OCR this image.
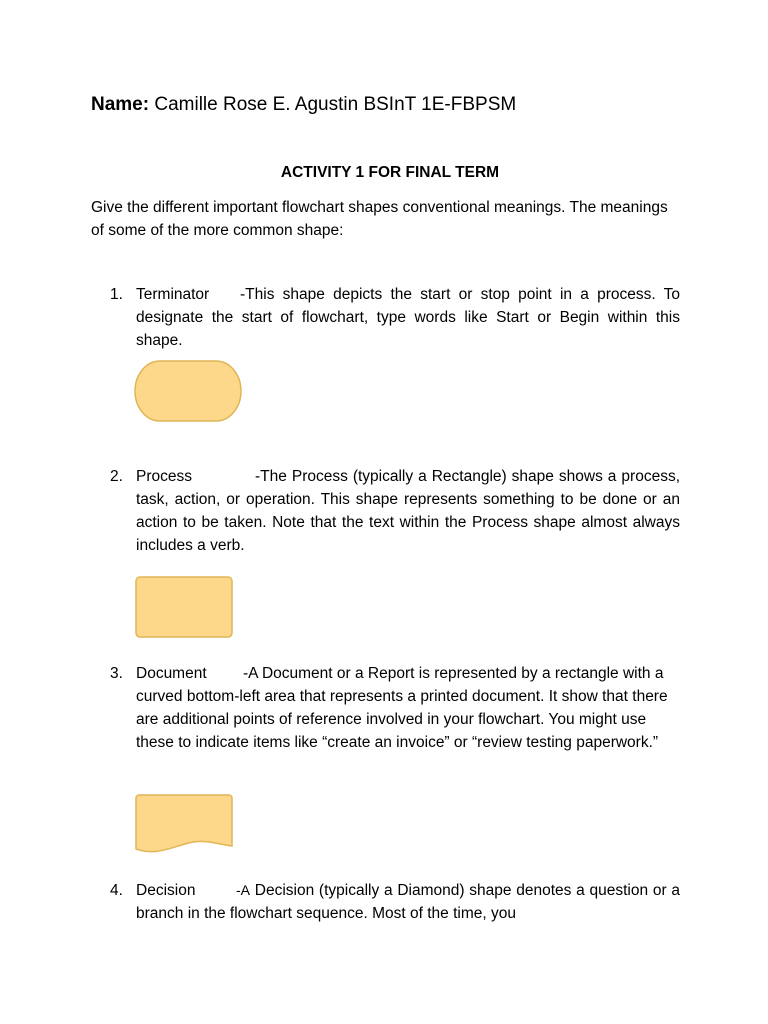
Name: Camille Rose E. Agustin BSInT 1E-FBPSM
ACTIVITY 1 FOR FINAL TERM
Give the different important flowchart shapes conventional meanings. The meanings of some of the more common shape:
1. Terminator -This shape depicts the start or stop point in a process. To designate the start of flowchart, type words like Start or Begin within this shape.
2. Process	-The Process (typically a Rectangle) shape shows a process, task, action, or operation. This shape represents something to be done or an action to be taken. Note that the text within the Process shape almost always includes a verb.
3. Document -A Document or a Report is represented by a rectangle with a curved bottom-left area that represents a printed document. It show that there are additional points of reference involved in your flowchart. You might use these to indicate items like “create an invoice” or “review testing paperwork.”
4. Decision	-A Decision (typically a Diamond) shape denotes a question or a branch in the flowchart sequence. Most of the time, you
